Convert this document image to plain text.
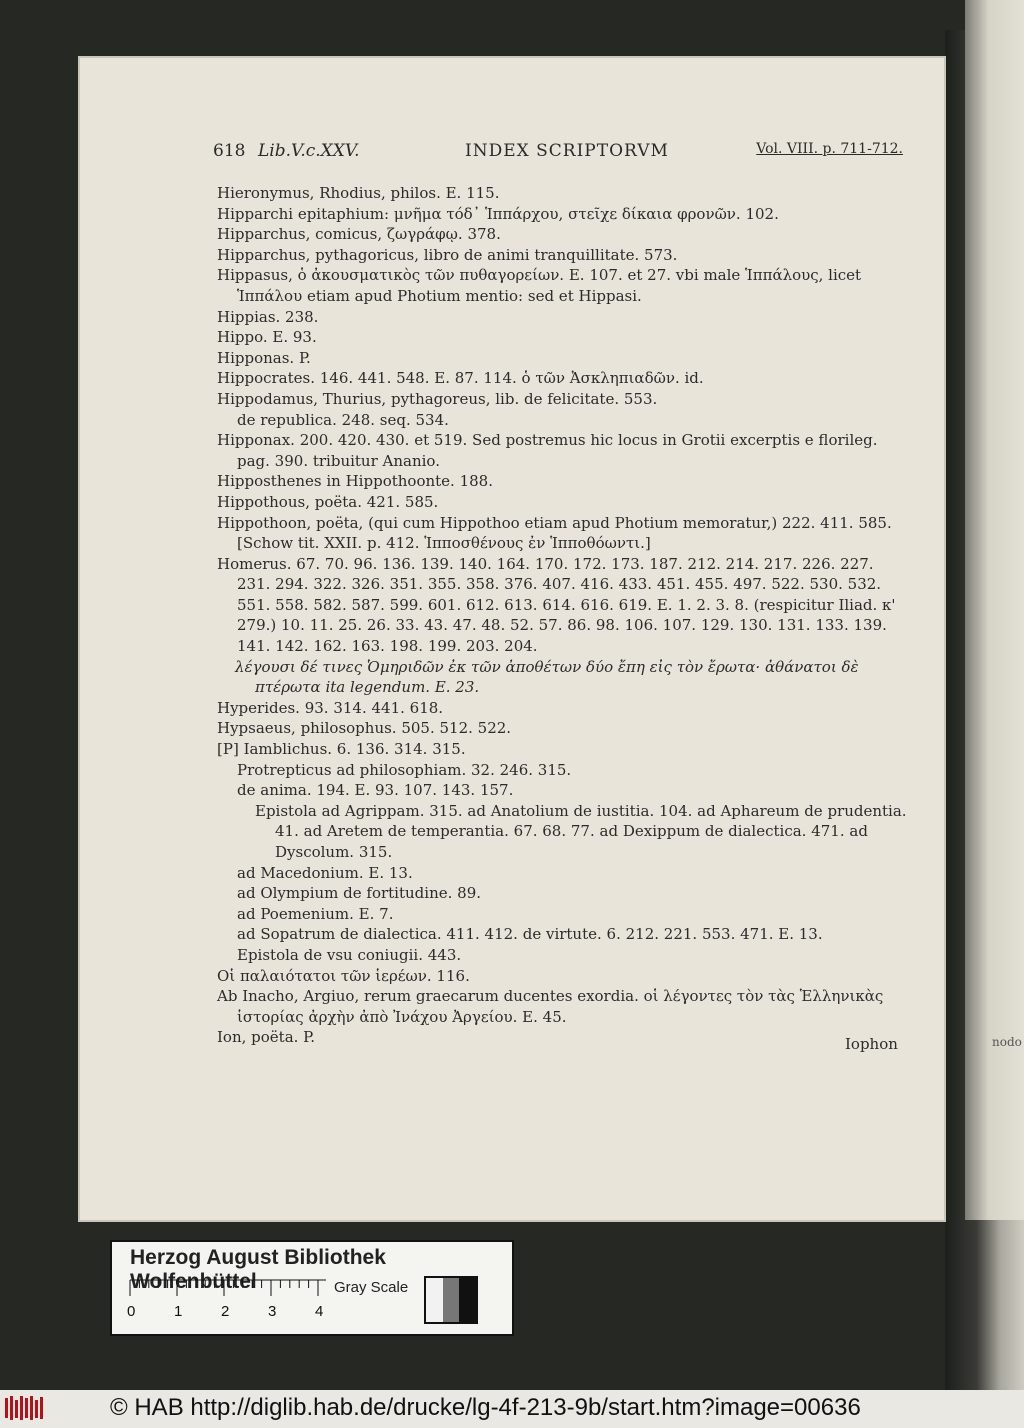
nodo
618 Lib.V.c.XXV.	INDEX SCRIPTORVM	Vol. VIII. p. 711-712.
Hieronymus, Rhodius, philos. E. 115.
Hipparchi epitaphium: μνῆμα τόδ᾽ Ἱππάρχου, στεῖχε δίκαια φρονῶν. 102.
Hipparchus, comicus, ζωγράφῳ. 378.
Hipparchus, pythagoricus, libro de animi tranquillitate. 573.
Hippasus, ὁ ἀκουσματικὸς τῶν πυθαγορείων. E. 107. et 27. vbi male Ἱππάλους, licet Ἱππάλου etiam apud Photium mentio: sed et Hippasi.
Hippias. 238.
Hippo. E. 93.
Hipponas. P.
Hippocrates. 146. 441. 548. E. 87. 114. ὁ τῶν Ἀσκληπιαδῶν. id.
Hippodamus, Thurius, pythagoreus, lib. de felicitate. 553.
de republica. 248. seq. 534.
Hipponax. 200. 420. 430. et 519. Sed postremus hic locus in Grotii excerptis e florileg. pag. 390. tribuitur Ananio.
Hipposthenes in Hippothoonte. 188.
Hippothous, poëta. 421. 585.
Hippothoon, poëta, (qui cum Hippothoo etiam apud Photium memoratur,) 222. 411. 585. [Schow tit. XXII. p. 412. Ἱπποσθένους ἐν Ἱπποθόωντι.]
Homerus. 67. 70. 96. 136. 139. 140. 164. 170. 172. 173. 187. 212. 214. 217. 226. 227. 231. 294. 322. 326. 351. 355. 358. 376. 407. 416. 433. 451. 455. 497. 522. 530. 532. 551. 558. 582. 587. 599. 601. 612. 613. 614. 616. 619. E. 1. 2. 3. 8. (respicitur Iliad. κ' 279.) 10. 11. 25. 26. 33. 43. 47. 48. 52. 57. 86. 98. 106. 107. 129. 130. 131. 133. 139. 141. 142. 162. 163. 198. 199. 203. 204.
λέγουσι δέ τινες Ὁμηριδῶν ἐκ τῶν ἀποθέτων δύο ἔπη εἰς τὸν ἔρωτα· ἀθάνατοι δὲ πτέρωτα ita legendum. E. 23.
Hyperides. 93. 314. 441. 618.
Hypsaeus, philosophus. 505. 512. 522.
[P] Iamblichus. 6. 136. 314. 315.
Protrepticus ad philosophiam. 32. 246. 315.
de anima. 194. E. 93. 107. 143. 157.
Epistola ad Agrippam. 315. ad Anatolium de iustitia. 104. ad Aphareum de prudentia. 41. ad Aretem de temperantia. 67. 68. 77. ad Dexippum de dialectica. 471. ad Dyscolum. 315.
ad Macedonium. E. 13.
ad Olympium de fortitudine. 89.
ad Poemenium. E. 7.
ad Sopatrum de dialectica. 411. 412. de virtute. 6. 212. 221. 553. 471. E. 13.
Epistola de vsu coniugii. 443.
Οἱ παλαιότατοι τῶν ἱερέων. 116.
Ab Inacho, Argiuo, rerum graecarum ducentes exordia. οἱ λέγοντες τὸν τὰς Ἑλληνικὰς ἱστορίας ἀρχὴν ἀπὸ Ἰνάχου Ἀργείου. E. 45.
Ion, poëta. P.	Iophon
Herzog August Bibliothek Wolfenbüttel
0	1	2	3	4
Gray Scale
© HAB http://diglib.hab.de/drucke/lg-4f-213-9b/start.htm?image=00636
